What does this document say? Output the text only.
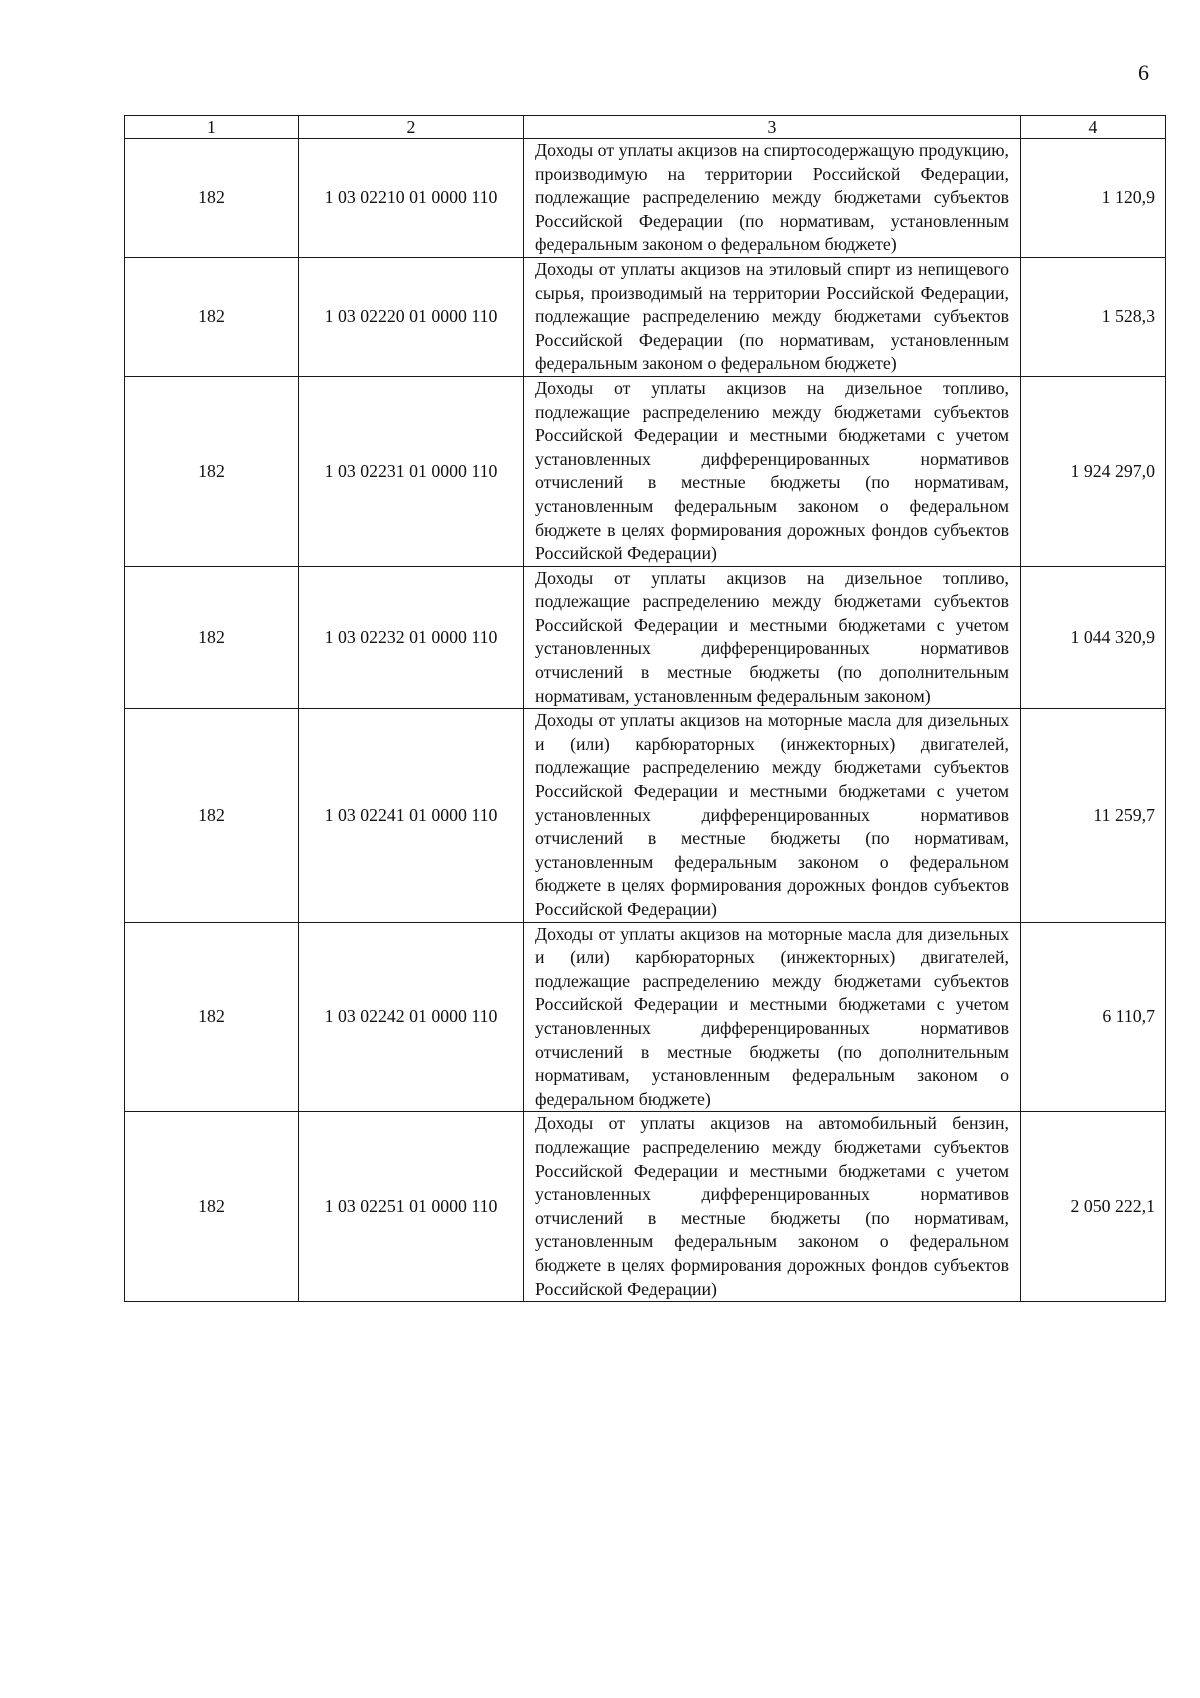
6
1	2	3	4
182	1 03 02210 01 0000 110	Доходы от уплаты акцизов на спиртосодержащую продукцию, производимую на территории Российской Федерации, подлежащие распределению между бюджетами субъектов Российской Федерации (по нормативам, установленным федеральным законом о федеральном бюджете)	1 120,9
182	1 03 02220 01 0000 110	Доходы от уплаты акцизов на этиловый спирт из непищевого сырья, производимый на территории Российской Федерации, подлежащие распределению между бюджетами субъектов Российской Федерации (по нормативам, установленным федеральным законом о федеральном бюджете)	1 528,3
182	1 03 02231 01 0000 110	Доходы от уплаты акцизов на дизельное топливо, подлежащие распределению между бюджетами субъектов Российской Федерации и местными бюджетами с учетом установленных дифференцированных нормативов отчислений в местные бюджеты (по нормативам, установленным федеральным законом о федеральном бюджете в целях формирования дорожных фондов субъектов Российской Федерации)	1 924 297,0
182	1 03 02232 01 0000 110	Доходы от уплаты акцизов на дизельное топливо, подлежащие распределению между бюджетами субъектов Российской Федерации и местными бюджетами с учетом установленных дифференцированных нормативов отчислений в местные бюджеты (по дополнительным нормативам, установленным федеральным законом)	1 044 320,9
182	1 03 02241 01 0000 110	Доходы от уплаты акцизов на моторные масла для дизельных и (или) карбюраторных (инжекторных) двигателей, подлежащие распределению между бюджетами субъектов Российской Федерации и местными бюджетами с учетом установленных дифференцированных нормативов отчислений в местные бюджеты (по нормативам, установленным федеральным законом о федеральном бюджете в целях формирования дорожных фондов субъектов Российской Федерации)	11 259,7
182	1 03 02242 01 0000 110	Доходы от уплаты акцизов на моторные масла для дизельных и (или) карбюраторных (инжекторных) двигателей, подлежащие распределению между бюджетами субъектов Российской Федерации и местными бюджетами с учетом установленных дифференцированных нормативов отчислений в местные бюджеты (по дополнительным нормативам, установленным федеральным законом о федеральном бюджете)	6 110,7
182	1 03 02251 01 0000 110	Доходы от уплаты акцизов на автомобильный бензин, подлежащие распределению между бюджетами субъектов Российской Федерации и местными бюджетами с учетом установленных дифференцированных нормативов отчислений в местные бюджеты (по нормативам, установленным федеральным законом о федеральном бюджете в целях формирования дорожных фондов субъектов Российской Федерации)	2 050 222,1
